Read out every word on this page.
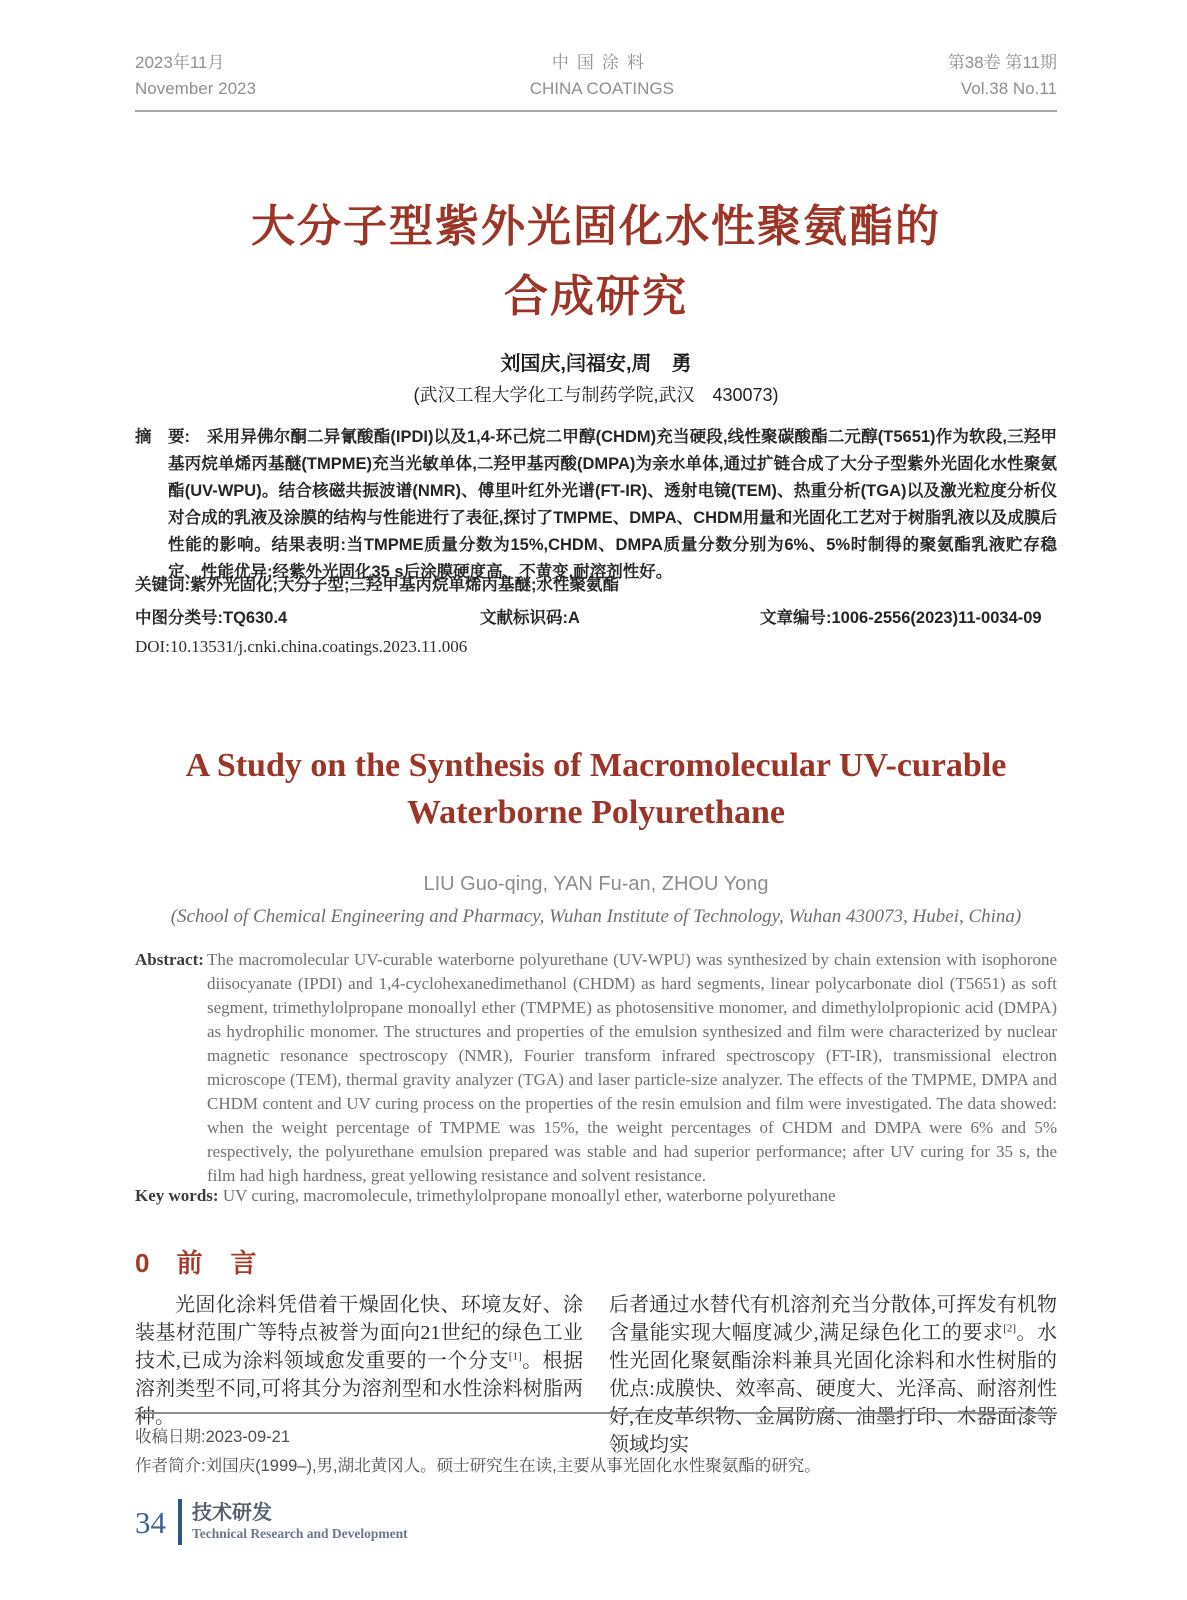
2023年11月
November 2023
中国涂料
CHINA COATINGS
第38卷 第11期
Vol.38 No.11
大分子型紫外光固化水性聚氨酯的
合成研究
刘国庆,闫福安,周　勇
(武汉工程大学化工与制药学院,武汉　430073)
摘　要: 采用异佛尔酮二异氰酸酯(IPDI)以及1,4-环己烷二甲醇(CHDM)充当硬段,线性聚碳酸酯二元醇(T5651)作为软段,三羟甲基丙烷单烯丙基醚(TMPME)充当光敏单体,二羟甲基丙酸(DMPA)为亲水单体,通过扩链合成了大分子型紫外光固化水性聚氨酯(UV-WPU)。结合核磁共振波谱(NMR)、傅里叶红外光谱(FT-IR)、透射电镜(TEM)、热重分析(TGA)以及激光粒度分析仪对合成的乳液及涂膜的结构与性能进行了表征,探讨了TMPME、DMPA、CHDM用量和光固化工艺对于树脂乳液以及成膜后性能的影响。结果表明:当TMPME质量分数为15%,CHDM、DMPA质量分数分别为6%、5%时制得的聚氨酯乳液贮存稳定、性能优异;经紫外光固化35 s后涂膜硬度高、不黄变,耐溶剂性好。
关键词:紫外光固化;大分子型;三羟甲基丙烷单烯丙基醚;水性聚氨酯
中图分类号:TQ630.4	文献标识码:A	文章编号:1006-2556(2023)11-0034-09
DOI:10.13531/j.cnki.china.coatings.2023.11.006
A Study on the Synthesis of Macromolecular UV-curable
Waterborne Polyurethane
LIU Guo-qing, YAN Fu-an, ZHOU Yong
(School of Chemical Engineering and Pharmacy, Wuhan Institute of Technology, Wuhan 430073, Hubei, China)
Abstract: The macromolecular UV-curable waterborne polyurethane (UV-WPU) was synthesized by chain extension with isophorone diisocyanate (IPDI) and 1,4-cyclohexanedimethanol (CHDM) as hard segments, linear polycarbonate diol (T5651) as soft segment, trimethylolpropane monoallyl ether (TMPME) as photosensitive monomer, and dimethylolpropionic acid (DMPA) as hydrophilic monomer. The structures and properties of the emulsion synthesized and film were characterized by nuclear magnetic resonance spectroscopy (NMR), Fourier transform infrared spectroscopy (FT-IR), transmissional electron microscope (TEM), thermal gravity analyzer (TGA) and laser particle-size analyzer. The effects of the TMPME, DMPA and CHDM content and UV curing process on the properties of the resin emulsion and film were investigated. The data showed: when the weight percentage of TMPME was 15%, the weight percentages of CHDM and DMPA were 6% and 5% respectively, the polyurethane emulsion prepared was stable and had superior performance; after UV curing for 35 s, the film had high hardness, great yellowing resistance and solvent resistance.
Key words: UV curing, macromolecule, trimethylolpropane monoallyl ether, waterborne polyurethane
0 前　言
光固化涂料凭借着干燥固化快、环境友好、涂装基材范围广等特点被誉为面向21世纪的绿色工业技术,已成为涂料领域愈发重要的一个分支[1]。根据溶剂类型不同,可将其分为溶剂型和水性涂料树脂两种。
后者通过水替代有机溶剂充当分散体,可挥发有机物含量能实现大幅度减少,满足绿色化工的要求[2]。水性光固化聚氨酯涂料兼具光固化涂料和水性树脂的优点:成膜快、效率高、硬度大、光泽高、耐溶剂性好,在皮革织物、金属防腐、油墨打印、木器面漆等领域均实
收稿日期:2023-09-21
作者简介:刘国庆(1999–),男,湖北黄冈人。硕士研究生在读,主要从事光固化水性聚氨酯的研究。
34 技术研发
Technical Research and Development
